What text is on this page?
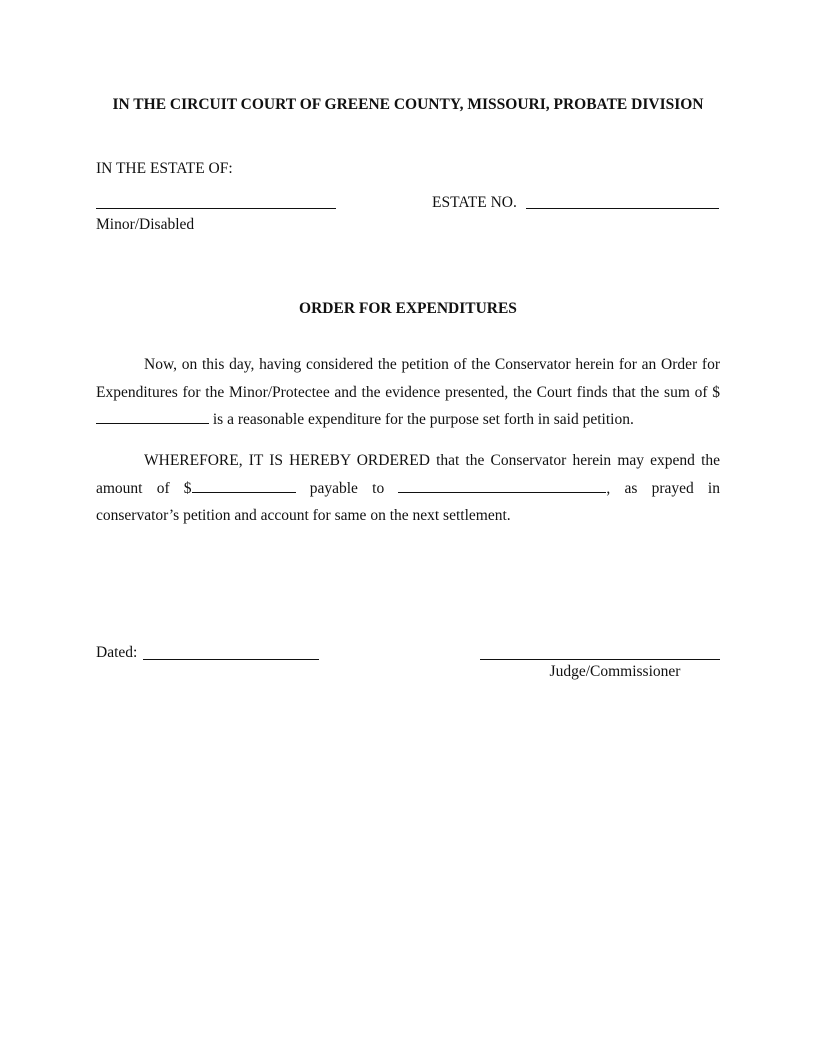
IN THE CIRCUIT COURT OF GREENE COUNTY, MISSOURI, PROBATE DIVISION
IN THE ESTATE OF:
Minor/Disabled
ESTATE NO.
ORDER FOR EXPENDITURES
Now, on this day, having considered the petition of the Conservator herein for an Order for Expenditures for the Minor/Protectee and the evidence presented, the Court finds that the sum of $ is a reasonable expenditure for the purpose set forth in said petition.
WHEREFORE, IT IS HEREBY ORDERED that the Conservator herein may expend the amount of $	payable to	, as prayed in conservator’s petition and account for same on the next settlement.
Dated:
Judge/Commissioner
